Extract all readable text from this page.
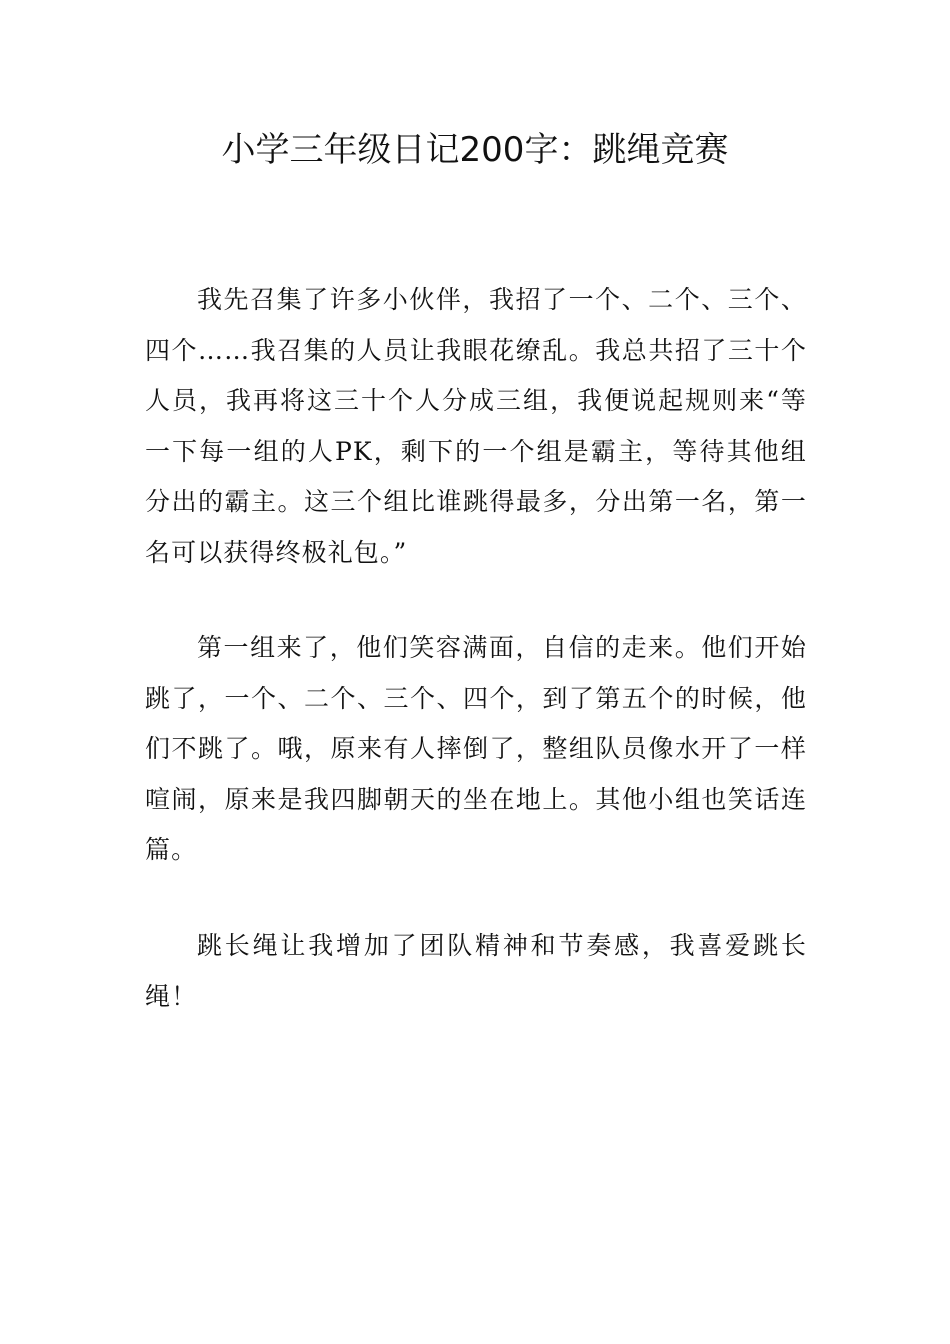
小学三年级日记200字：跳绳竞赛

我先召集了许多小伙伴，我招了一个、二个、三个、四个……我召集的人员让我眼花缭乱。我总共招了三十个人员，我再将这三十个人分成三组，我便说起规则来“等一下每一组的人PK，剩下的一个组是霸主，等待其他组分出的霸主。这三个组比谁跳得最多，分出第一名，第一名可以获得终极礼包。”

第一组来了，他们笑容满面，自信的走来。他们开始跳了，一个、二个、三个、四个，到了第五个的时候，他们不跳了。哦，原来有人摔倒了，整组队员像水开了一样喧闹，原来是我四脚朝天的坐在地上。其他小组也笑话连篇。

跳长绳让我增加了团队精神和节奏感，我喜爱跳长绳！
